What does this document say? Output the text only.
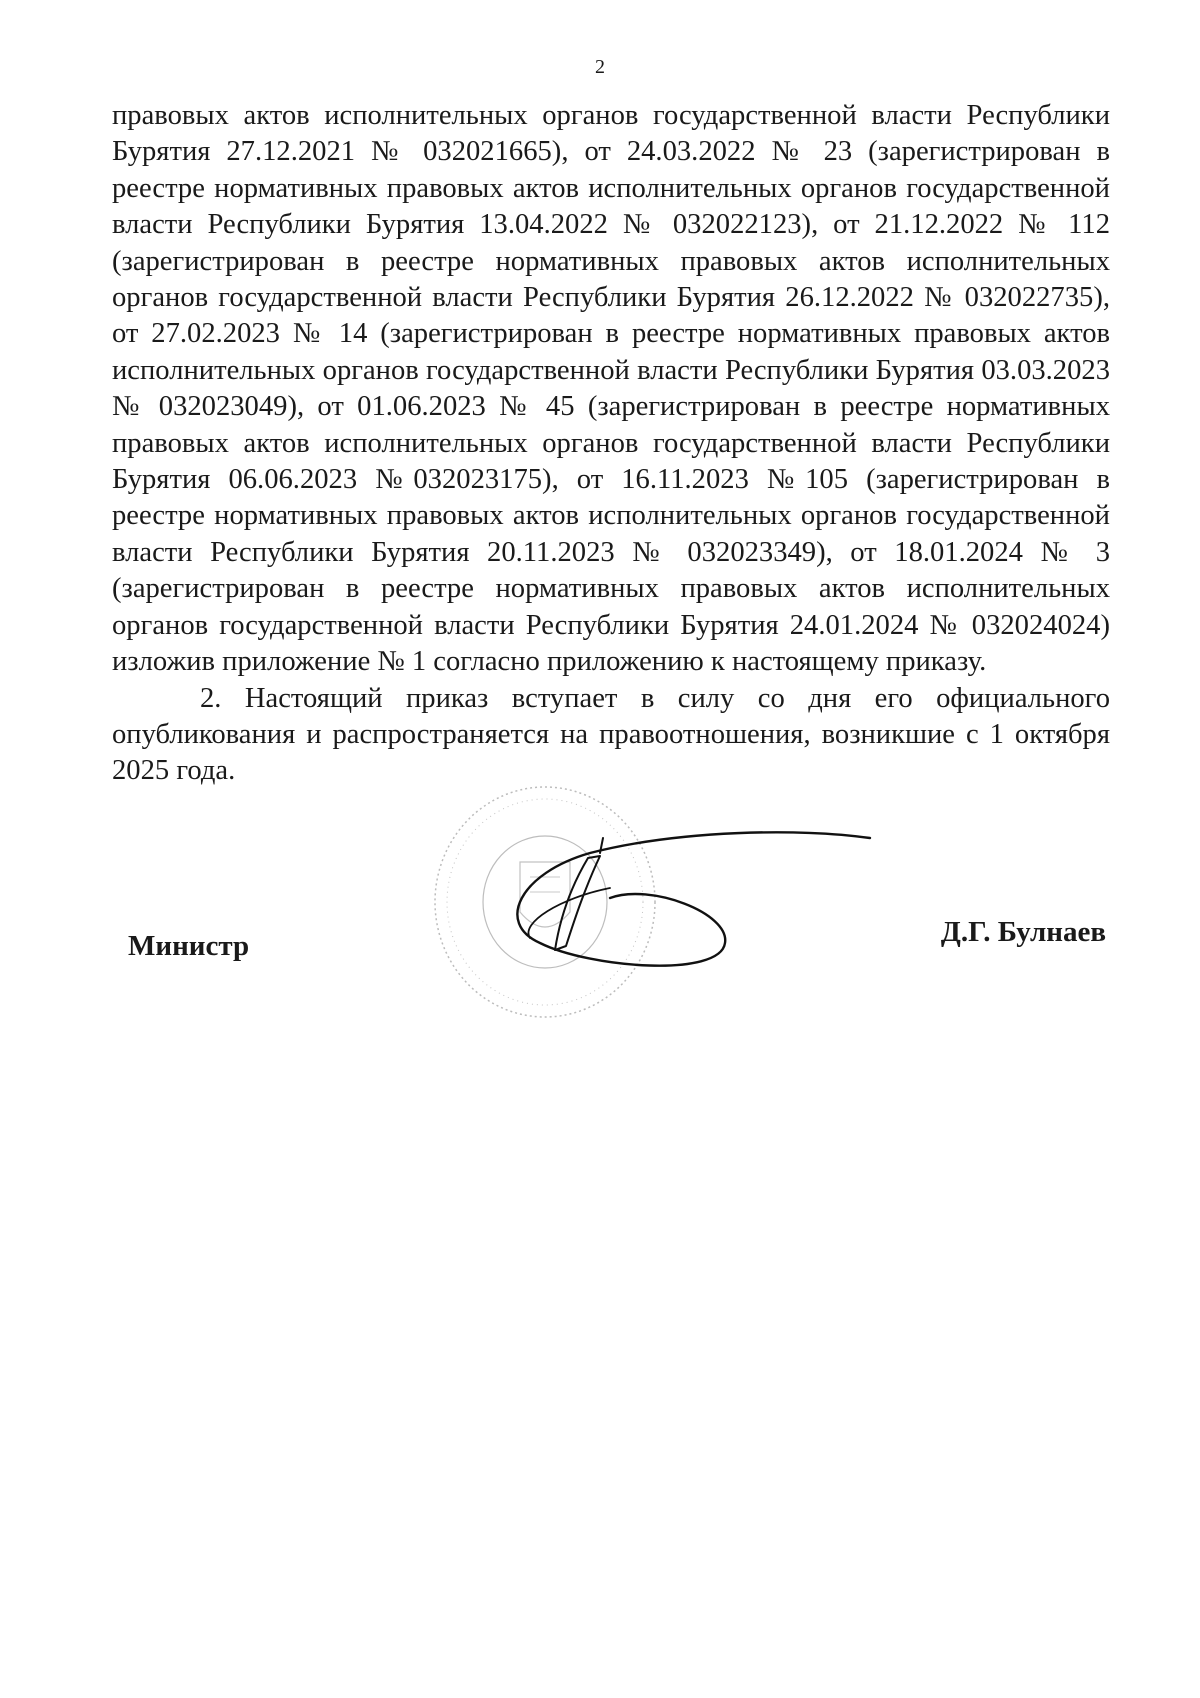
2

правовых актов исполнительных органов государственной власти Республики Бурятия 27.12.2021 № 032021665), от 24.03.2022 № 23 (зарегистрирован в реестре нормативных правовых актов исполнительных органов государственной власти Республики Бурятия 13.04.2022 № 032022123), от 21.12.2022 № 112 (зарегистрирован в реестре нормативных правовых актов исполнительных органов государственной власти Республики Бурятия 26.12.2022 № 032022735), от 27.02.2023 № 14 (зарегистрирован в реестре нормативных правовых актов исполнительных органов государственной власти Республики Бурятия 03.03.2023 № 032023049), от 01.06.2023 № 45 (зарегистрирован в реестре нормативных правовых актов исполнительных органов государственной власти Республики Бурятия 06.06.2023 №032023175), от 16.11.2023 №105 (зарегистрирован в реестре нормативных правовых актов исполнительных органов государственной власти Республики Бурятия 20.11.2023 № 032023349), от 18.01.2024 № 3 (зарегистрирован в реестре нормативных правовых актов исполнительных органов государственной власти Республики Бурятия 24.01.2024 № 032024024) изложив приложение № 1 согласно приложению к настоящему приказу.

2. Настоящий приказ вступает в силу со дня его официального опубликования и распространяется на правоотношения, возникшие с 1 октября 2025 года.

Министр	Д.Г. Булнаев
